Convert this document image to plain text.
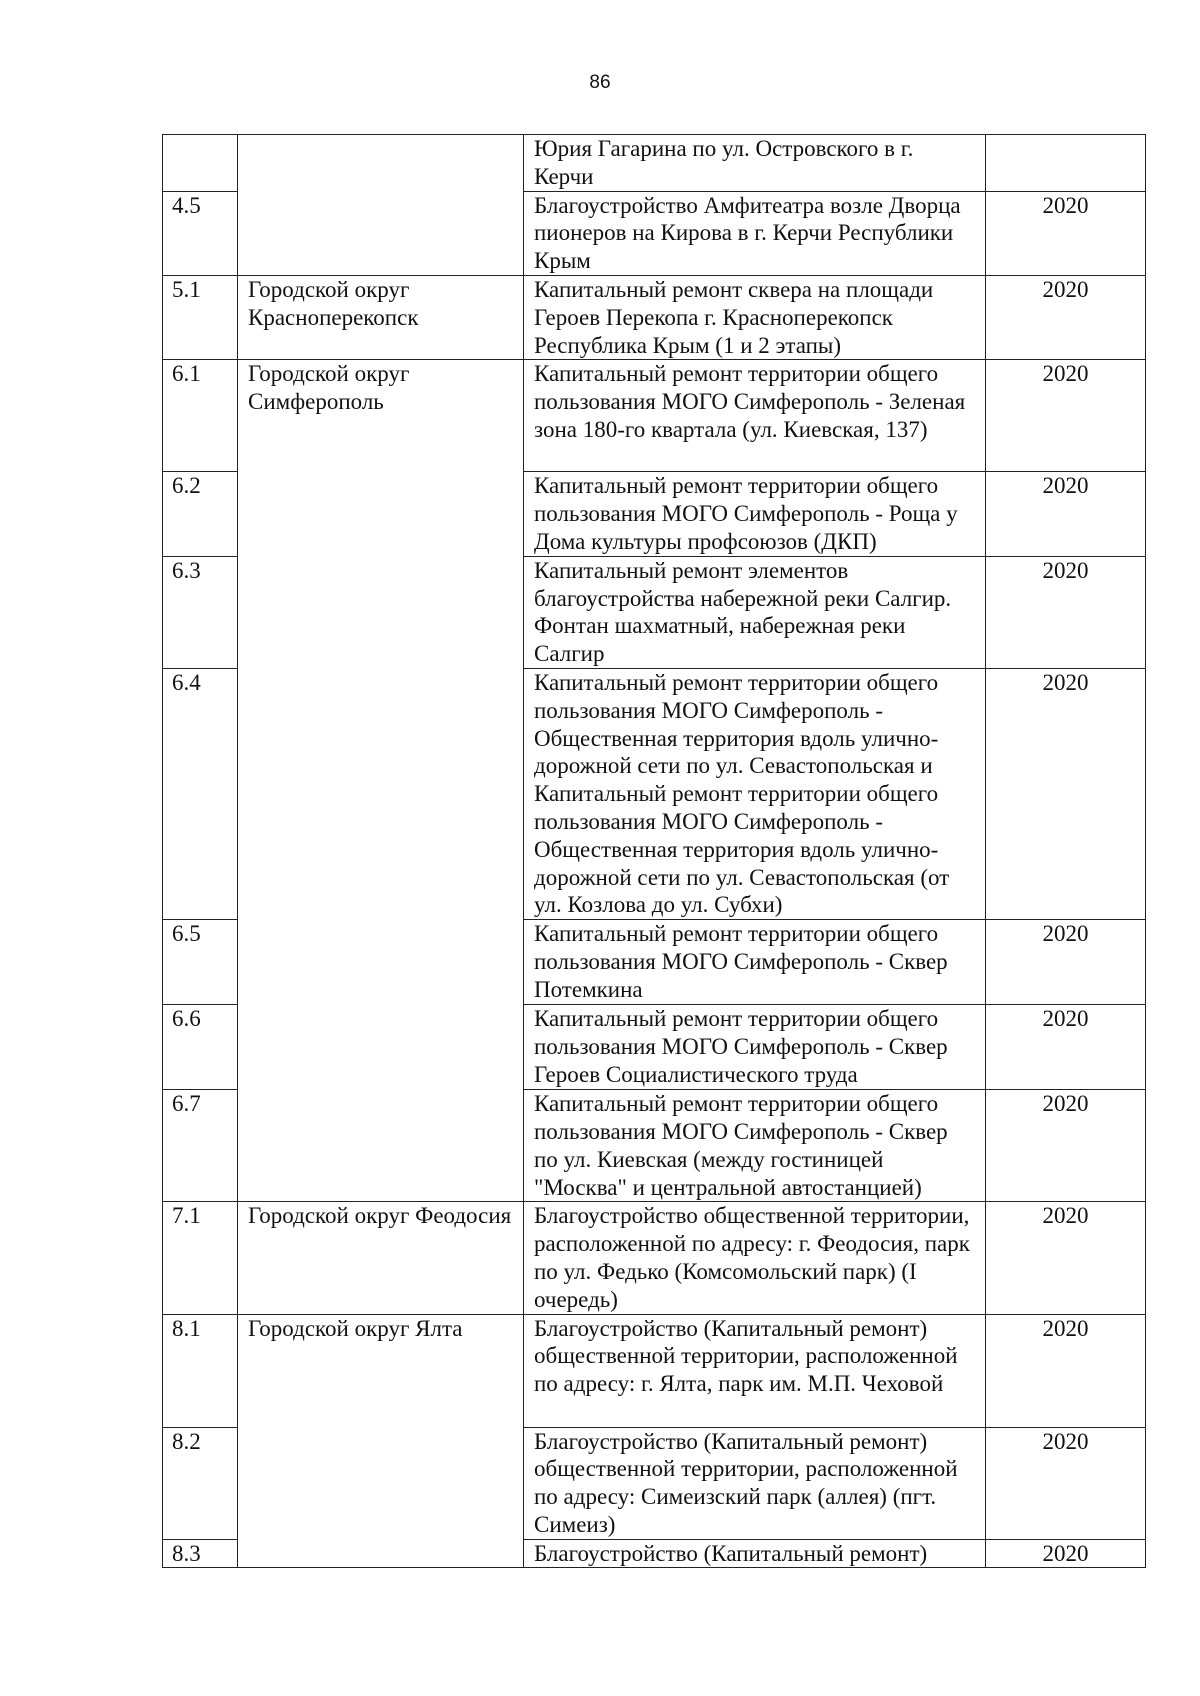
86
		Юрия Гагарина по ул. Островского в г. Керчи	
4.5		Благоустройство Амфитеатра возле Дворца пионеров на Кирова в г. Керчи Республики Крым	2020
5.1	Городской округ Красноперекопск	Капитальный ремонт сквера на площади Героев Перекопа г. Красноперекопск Республика Крым (1 и 2 этапы)	2020
6.1	Городской округ Симферополь	Капитальный ремонт территории общего пользования МОГО Симферополь - Зеленая зона 180-го квартала (ул. Киевская, 137)	2020
6.2		Капитальный ремонт территории общего пользования МОГО Симферополь - Роща у Дома культуры профсоюзов (ДКП)	2020
6.3		Капитальный ремонт элементов благоустройства набережной реки Салгир. Фонтан шахматный, набережная реки Салгир	2020
6.4		Капитальный ремонт территории общего пользования МОГО Симферополь - Общественная территория вдоль улично-дорожной сети по ул. Севастопольская и Капитальный ремонт территории общего пользования МОГО Симферополь - Общественная территория вдоль улично-дорожной сети по ул. Севастопольская (от ул. Козлова до ул. Субхи)	2020
6.5		Капитальный ремонт территории общего пользования МОГО Симферополь - Сквер Потемкина	2020
6.6		Капитальный ремонт территории общего пользования МОГО Симферополь - Сквер Героев Социалистического труда	2020
6.7		Капитальный ремонт территории общего пользования МОГО Симферополь - Сквер по ул. Киевская (между гостиницей "Москва" и центральной автостанцией)	2020
7.1	Городской округ Феодосия	Благоустройство общественной территории, расположенной по адресу: г. Феодосия, парк по ул. Федько (Комсомольский парк) (I очередь)	2020
8.1	Городской округ Ялта	Благоустройство (Капитальный ремонт) общественной территории, расположенной по адресу: г. Ялта, парк им. М.П. Чеховой	2020
8.2		Благоустройство (Капитальный ремонт) общественной территории, расположенной по адресу: Симеизский парк (аллея) (пгт. Симеиз)	2020
8.3		Благоустройство (Капитальный ремонт)	2020
